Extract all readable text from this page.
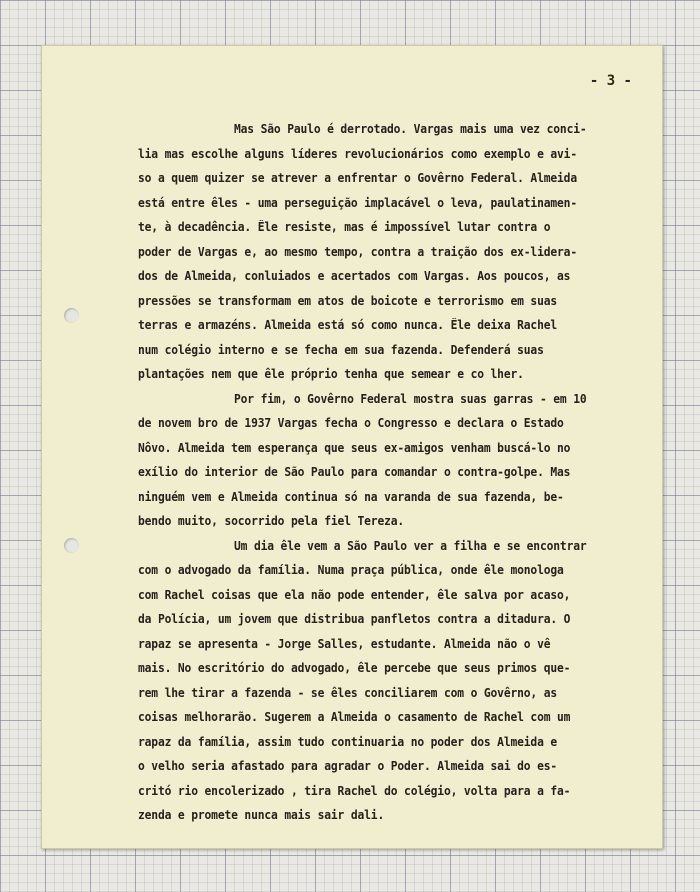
- 3 -
Mas São Paulo é derrotado. Vargas mais uma vez conci-
lia mas escolhe alguns líderes revolucionários como exemplo e avi-
so a quem quizer se atrever a enfrentar o Govêrno Federal. Almeida
está entre êles - uma perseguição implacável o leva, paulatinamen-
te, à decadência. Êle resiste, mas é impossível lutar contra o
poder de Vargas e, ao mesmo tempo, contra a traição dos ex-lidera-
dos de Almeida, conluiados e acertados com Vargas. Aos poucos, as
pressões se transformam em atos de boicote e terrorismo em suas
terras e armazéns. Almeida está só como nunca. Êle deixa Rachel
num colégio interno e se fecha em sua fazenda. Defenderá suas
plantações nem que êle próprio tenha que semear e co lher.
Por fim, o Govêrno Federal mostra suas garras - em 10
de novem bro de 1937 Vargas fecha o Congresso e declara o Estado
Nôvo. Almeida tem esperança que seus ex-amigos venham buscá-lo no
exílio do interior de São Paulo para comandar o contra-golpe. Mas
ninguém vem e Almeida continua só na varanda de sua fazenda, be-
bendo muito, socorrido pela fiel Tereza.
Um dia êle vem a São Paulo ver a filha e se encontrar
com o advogado da família. Numa praça pública, onde êle monologa
com Rachel coisas que ela não pode entender, êle salva por acaso,
da Polícia, um jovem que distribua panfletos contra a ditadura. O
rapaz se apresenta - Jorge Salles, estudante. Almeida não o vê
mais. No escritório do advogado, êle percebe que seus primos que-
rem lhe tirar a fazenda - se êles conciliarem com o Govêrno, as
coisas melhorarão. Sugerem a Almeida o casamento de Rachel com um
rapaz da família, assim tudo continuaria no poder dos Almeida e
o velho seria afastado para agradar o Poder. Almeida sai do es-
critó rio encolerizado , tira Rachel do colégio, volta para a fa-
zenda e promete nunca mais sair dali.
